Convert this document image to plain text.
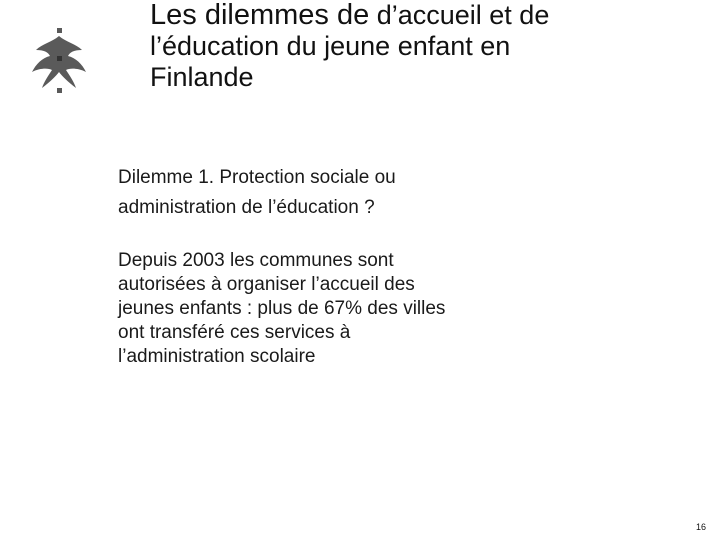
Les dilemmes de d’accueil et de
l’éducation du jeune enfant en
Finlande
Dilemme 1. Protection sociale ou
administration de l’éducation ?
Depuis 2003 les communes sont
autorisées à organiser l’accueil des
jeunes enfants : plus de 67% des villes
ont transféré ces services à
l’administration scolaire
16
